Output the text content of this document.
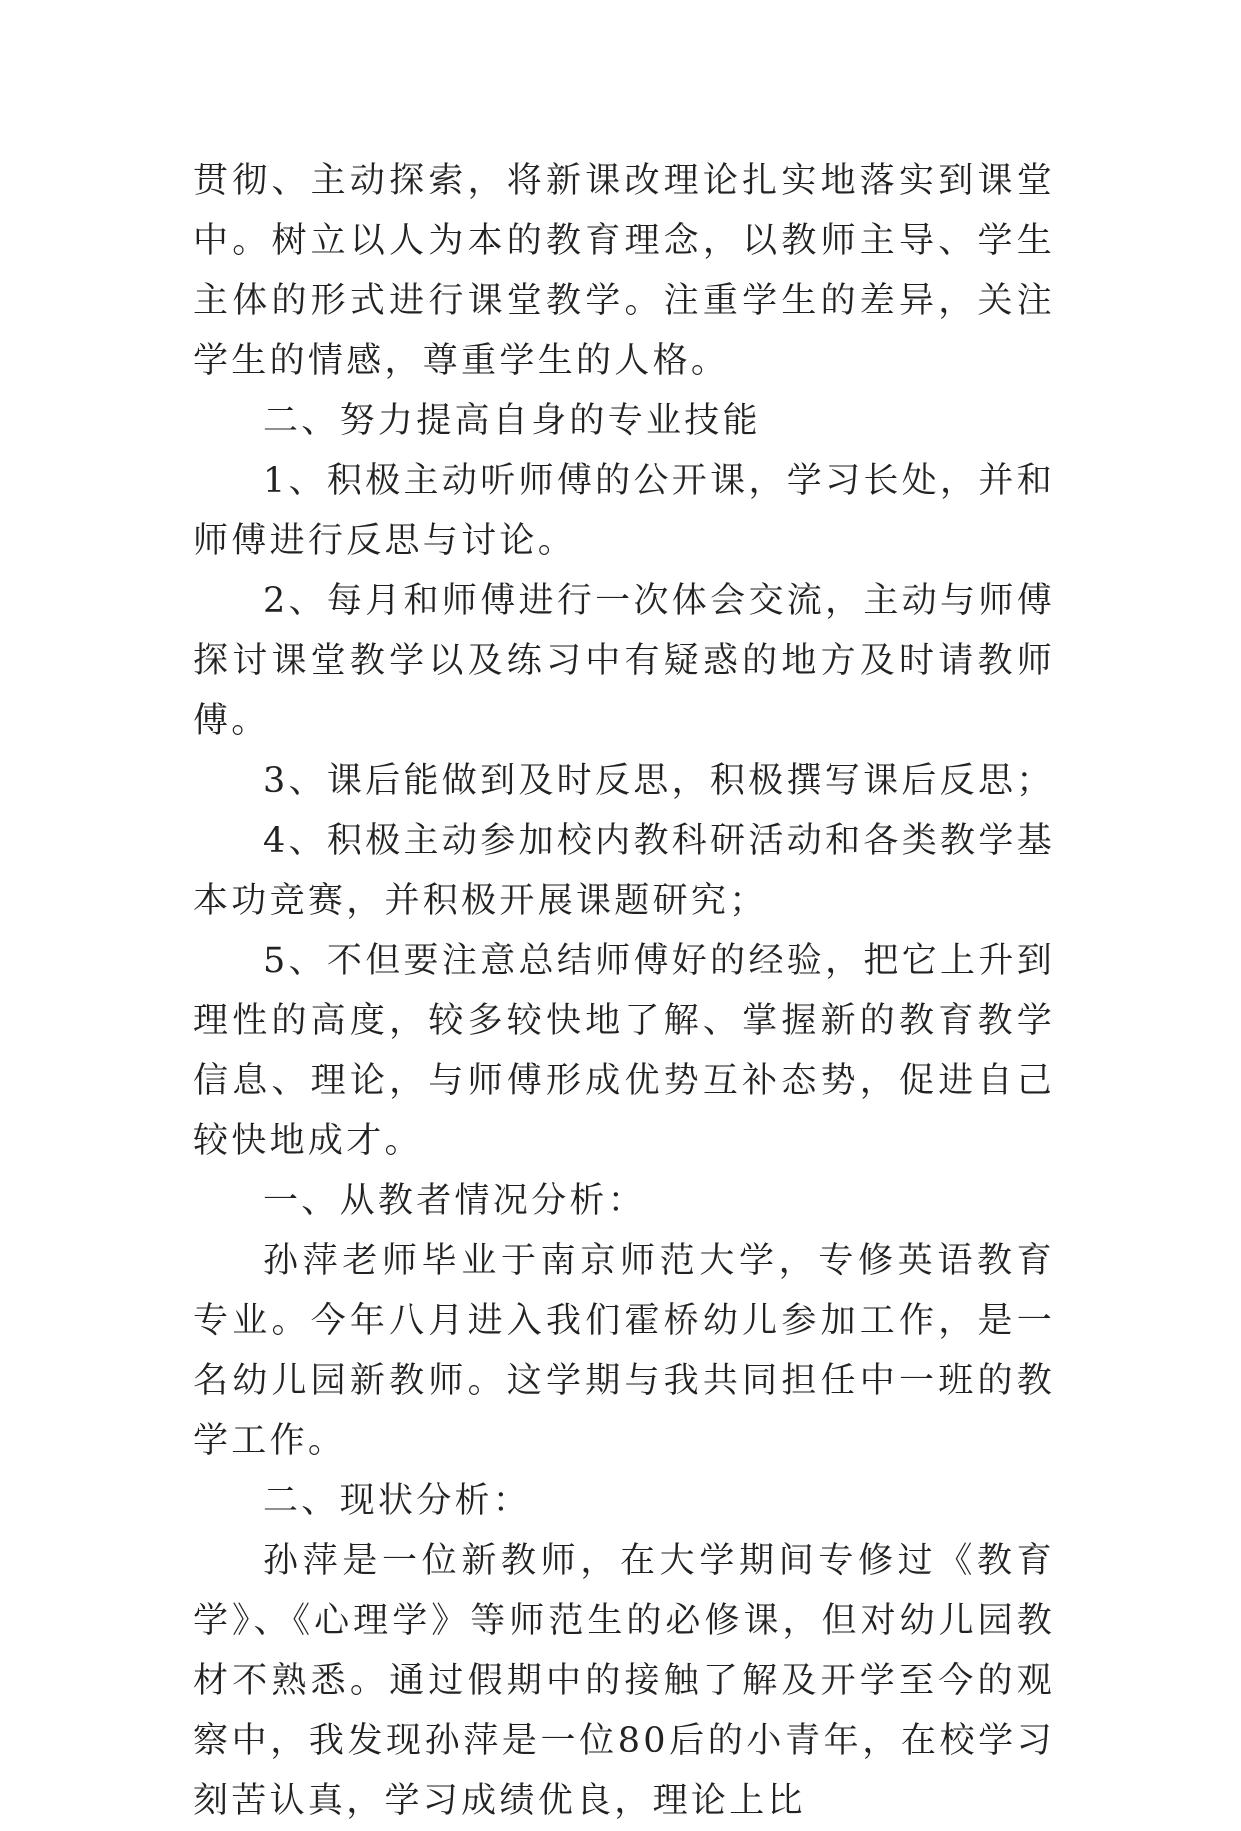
贯彻、主动探索，将新课改理论扎实地落实到课堂中。树立以人为本的教育理念，以教师主导、学生主体的形式进行课堂教学。注重学生的差异，关注学生的情感，尊重学生的人格。

二、努力提高自身的专业技能

1、积极主动听师傅的公开课，学习长处，并和师傅进行反思与讨论。

2、每月和师傅进行一次体会交流，主动与师傅探讨课堂教学以及练习中有疑惑的地方及时请教师傅。

3、课后能做到及时反思，积极撰写课后反思；

4、积极主动参加校内教科研活动和各类教学基本功竞赛，并积极开展课题研究；

5、不但要注意总结师傅好的经验，把它上升到理性的高度，较多较快地了解、掌握新的教育教学信息、理论，与师傅形成优势互补态势，促进自己较快地成才。

一、从教者情况分析：

孙萍老师毕业于南京师范大学，专修英语教育专业。今年八月进入我们霍桥幼儿参加工作，是一名幼儿园新教师。这学期与我共同担任中一班的教学工作。

二、现状分析：

孙萍是一位新教师，在大学期间专修过《教育学》、《心理学》等师范生的必修课，但对幼儿园教材不熟悉。通过假期中的接触了解及开学至今的观察中，我发现孙萍是一位80后的小青年，在校学习刻苦认真，学习成绩优良，理论上比
